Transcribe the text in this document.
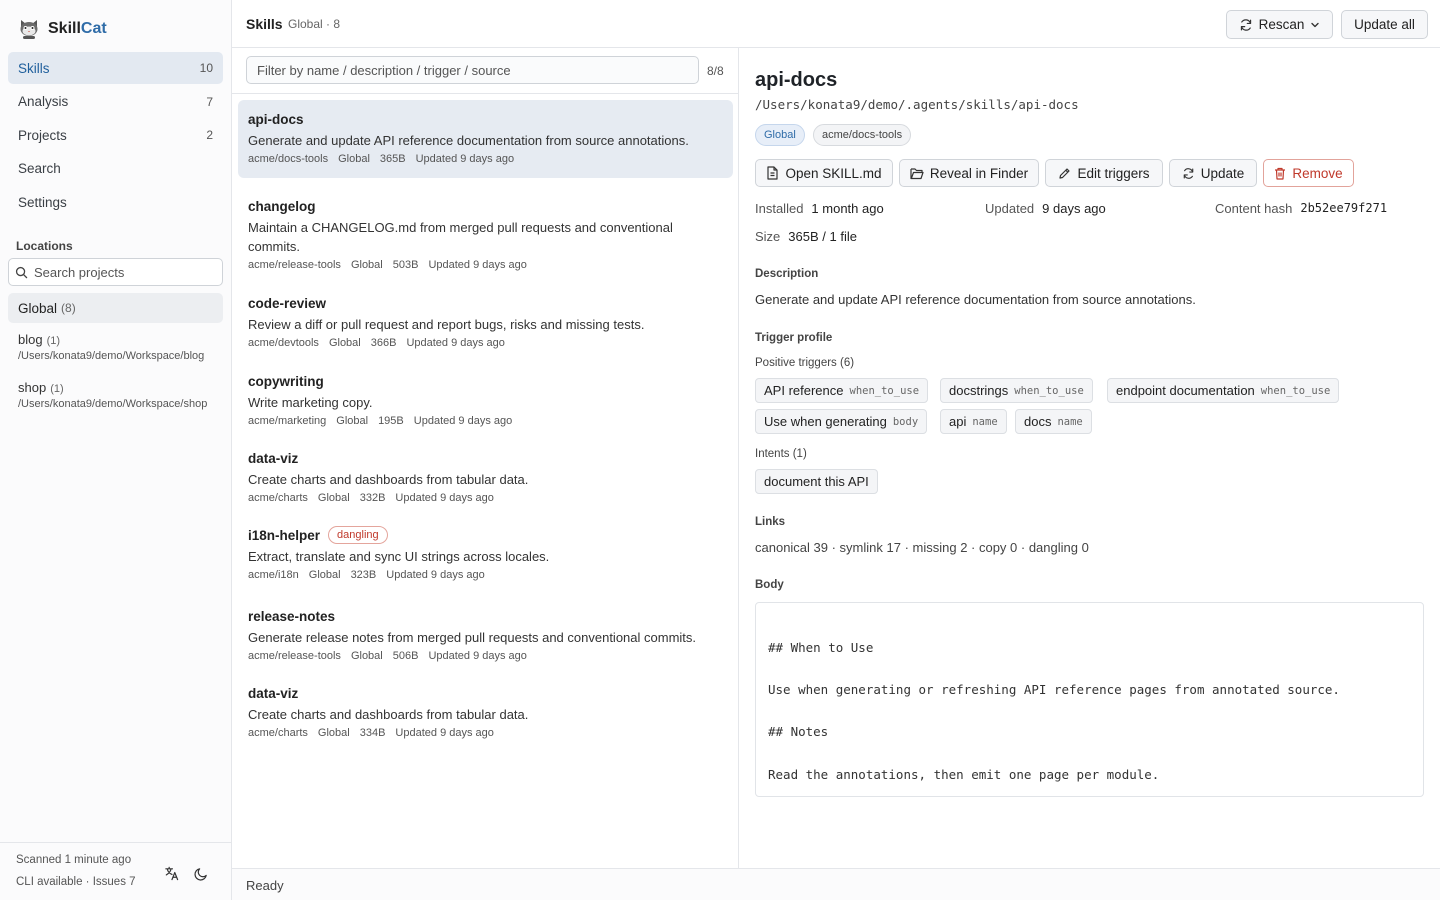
SkillCat
Skills	10
Analysis	7
Projects	2
Search
Settings
Locations
Search projects
Global (8)
blog (1)
/Users/konata9/demo/Workspace/blog
shop (1)
/Users/konata9/demo/Workspace/shop
Scanned 1 minute ago
CLI available · Issues 7
Skills Global · 8	Rescan	Update all
Filter by name / description / trigger / source
8/8
api-docs
Generate and update API reference documentation from source annotations.
acme/docs-tools Global 365B Updated 9 days ago
changelog
Maintain a CHANGELOG.md from merged pull requests and conventional commits.
acme/release-tools Global 503B Updated 9 days ago
code-review
Review a diff or pull request and report bugs, risks and missing tests.
acme/devtools Global 366B Updated 9 days ago
copywriting
Write marketing copy.
acme/marketing Global 195B Updated 9 days ago
data-viz
Create charts and dashboards from tabular data.
acme/charts Global 332B Updated 9 days ago
i18n-helper	dangling
Extract, translate and sync UI strings across locales.
acme/i18n Global 323B Updated 9 days ago
release-notes
Generate release notes from merged pull requests and conventional commits.
acme/release-tools Global 506B Updated 9 days ago
data-viz
Create charts and dashboards from tabular data.
acme/charts Global 334B Updated 9 days ago
api-docs
/Users/konata9/demo/.agents/skills/api-docs
Global	acme/docs-tools
Open SKILL.md	Reveal in Finder	Edit triggers	Update	Remove
Installed 1 month ago	Updated 9 days ago	Content hash 2b52ee79f271
Size 365B / 1 file
Description
Generate and update API reference documentation from source annotations.
Trigger profile
Positive triggers (6)
API reference when_to_use docstrings when_to_use endpoint documentation when_to_use
Use when generating body api name docs name
Intents (1)
document this API
Links
canonical 39 · symlink 17 · missing 2 · copy 0 · dangling 0
Body
## When to Use
Use when generating or refreshing API reference pages from annotated source.
## Notes
Read the annotations, then emit one page per module.
Ready
